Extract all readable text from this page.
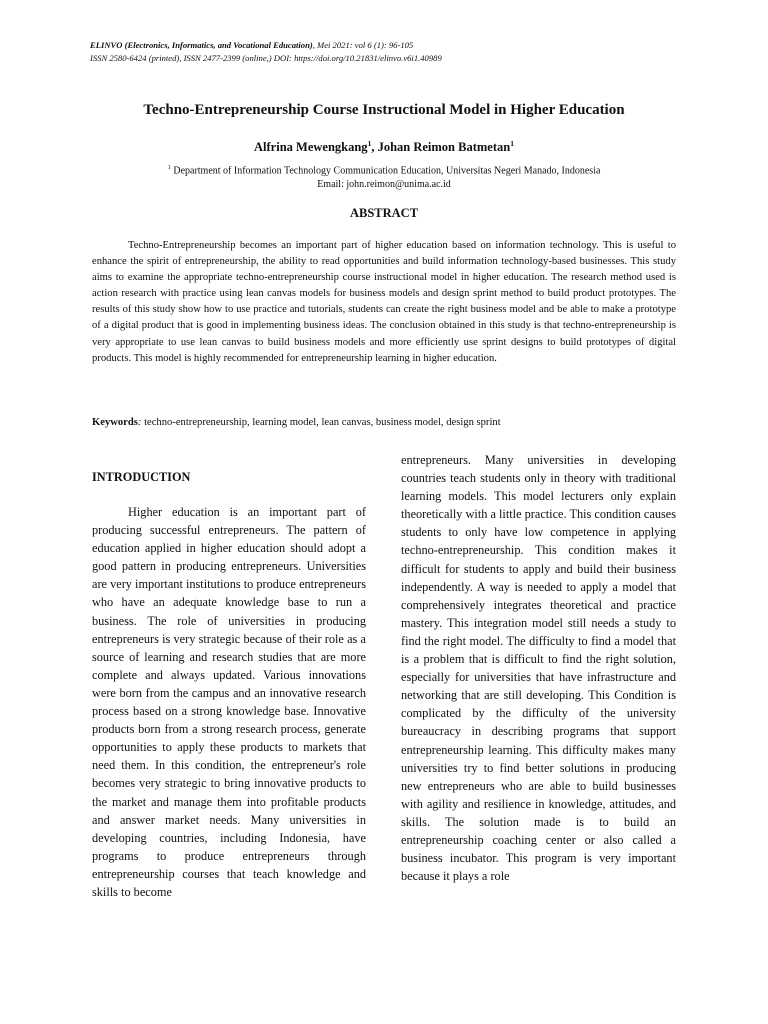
ELINVO (Electronics, Informatics, and Vocational Education), Mei 2021: vol 6 (1): 96-105
ISSN 2580-6424 (printed), ISSN 2477-2399 (online,) DOI: https://doi.org/10.21831/elinvo.v6i1.40989
Techno-Entrepreneurship Course Instructional Model in Higher Education
Alfrina Mewengkang$^1$, Johan Reimon Batmetan$^1$
$^1$ Department of Information Technology Communication Education, Universitas Negeri Manado, Indonesia
Email: john.reimon@unima.ac.id
ABSTRACT

Techno-Entrepreneurship becomes an important part of higher education based on information technology. This is useful to enhance the spirit of entrepreneurship, the ability to read opportunities and build information technology-based businesses. This study aims to examine the appropriate techno-entrepreneurship course instructional model in higher education. The research method used is action research with practice using lean canvas models for business models and design sprint method to build product prototypes. The results of this study show how to use practice and tutorials, students can create the right business model and be able to make a prototype of a digital product that is good in implementing business ideas. The conclusion obtained in this study is that techno-entrepreneurship is very appropriate to use lean canvas to build business models and more efficiently use sprint designs to build prototypes of digital products. This model is highly recommended for entrepreneurship learning in higher education.

Keywords: techno-entrepreneurship, learning model, lean canvas, business model, design sprint

INTRODUCTION

Higher education is an important part of producing successful entrepreneurs. The pattern of education applied in higher education should adopt a good pattern in producing entrepreneurs. Universities are very important institutions to produce entrepreneurs who have an adequate knowledge base to run a business. The role of universities in producing entrepreneurs is very strategic because of their role as a source of learning and research studies that are more complete and always updated. Various innovations were born from the campus and an innovative research process based on a strong knowledge base. Innovative products born from a strong research process, generate opportunities to apply these products to markets that need them. In this condition, the entrepreneur's role becomes very strategic to bring innovative products to the market and manage them into profitable products and answer market needs. Many universities in developing countries, including Indonesia, have programs to produce entrepreneurs through entrepreneurship courses that teach knowledge and skills to become

entrepreneurs. Many universities in developing countries teach students only in theory with traditional learning models. This model lecturers only explain theoretically with a little practice. This condition causes students to only have low competence in applying techno-entrepreneurship. This condition makes it difficult for students to apply and build their business independently. A way is needed to apply a model that comprehensively integrates theoretical and practice mastery. This integration model still needs a study to find the right model. The difficulty to find a model that is a problem that is difficult to find the right solution, especially for universities that have infrastructure and networking that are still developing. This Condition is complicated by the difficulty of the university bureaucracy in describing programs that support entrepreneurship learning. This difficulty makes many universities try to find better solutions in producing new entrepreneurs who are able to build businesses with agility and resilience in knowledge, attitudes, and skills. The solution made is to build an entrepreneurship coaching center or also called a business incubator. This program is very important because it plays a role
